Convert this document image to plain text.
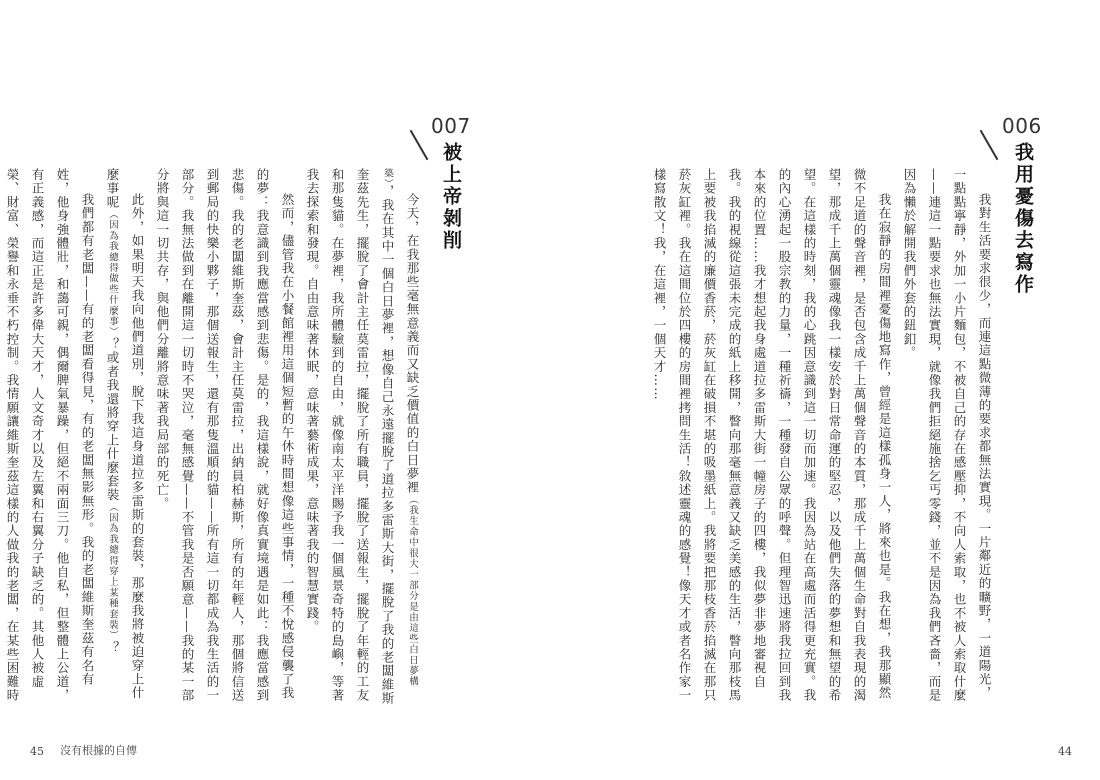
006
我用憂傷去寫作

我對生活要求很少，而連這點微薄的要求都無法實現。一片鄰近的曠野，一道陽光，一點點寧靜，外加一小片麵包，不被自己的存在感壓抑，不向人索取，也不被人索取什麼——連這一點要求也無法實現，就像我們拒絕施捨乞丐零錢，並不是因為我們吝嗇，而是因為懶於解開我們外套的鈕釦。

我在寂靜的房間裡憂傷地寫作，曾經是這樣孤身一人，將來也是。我在想，我那顯然微不足道的聲音裡，是否包含成千上萬個聲音的本質，那成千上萬個生命對自我表現的渴望，那成千上萬個靈魂像我一樣安於對日常命運的堅忍，以及他們失落的夢想和無望的希望。在這樣的時刻，我的心跳因意識到這一切而加速。我因為站在高處而活得更充實。我的內心湧起一股宗教的力量，一種祈禱，一種發自公眾的呼聲。但理智迅速將我拉回到我本來的位置……我才想起我身處道拉多雷斯大街一幢房子的四樓，我似夢非夢地審視自我。我的視線從這張未完成的紙上移開，瞥向那毫無意義又缺乏美感的生活，瞥向那枝馬上要被我掐滅的廉價香菸，菸灰缸在破損不堪的吸墨紙上。我將要把那枝香菸掐滅在那只菸灰缸裡。我在這間位於四樓的房間裡拷問生活！敘述靈魂的感覺！像天才或者名作家一樣寫散文！我，在這裡，一個天才……

44
007
被上帝剝削

今天，在我那些毫無意義而又缺乏價值的白日夢裡（我生命中很大一部分是由這些白日夢構築），我在其中一個白日夢裡，想像自己永遠擺脫了道拉多雷斯大街，擺脫了我的老闆維斯奎茲先生，擺脫了會計主任莫雷拉，擺脫了所有職員，擺脫了送報生，擺脫了年輕的工友和那隻貓。在夢裡，我所體驗到的自由，就像南太平洋賜予我一個風景奇特的島嶼，等著我去探索和發現。自由意味著休眠，意味著藝術成果，意味著我的智慧實踐。

然而，儘管我在小餐館裡用這個短暫的午休時間想像這些事情，一種不悅感侵襲了我的夢：我意識到我應當感到悲傷。是的，我這樣說，就好像真實境遇是如此：我應當感到悲傷。我的老闆維斯奎茲，會計主任莫雷拉，出納員柏赫斯，所有的年輕人，那個將信送到郵局的快樂小夥子，那個送報生，還有那隻溫順的貓——所有這一切都成為我生活的一部分。我無法做到在離開這一切時不哭泣，毫無感覺——不管我是否願意——我的某一部分將與這一切共存，與他們分離將意味著我局部的死亡。

此外，如果明天我向他們道別，脫下我這身道拉多雷斯的套裝，那麼我將被迫穿上什麼事呢（因為我總得做些什麼事）？或者我還將穿上什麼套裝（因為我總得穿上某種套裝）？

我們都有老闆——有的老闆看得見，有的老闆無影無形。我的老闆維斯奎茲有名有姓，他身強體壯，和藹可親，偶爾脾氣暴躁，但絕不兩面三刀。他自私，但整體上公道，有正義感，而這正是許多偉大天才，人文奇才以及左翼和右翼分子缺乏的。其他人被虛榮、財富、榮譽和永垂不朽控制。我情願讓維斯奎茲這樣的人做我的老闆，在某些困難時

45 沒有根據的自傳
